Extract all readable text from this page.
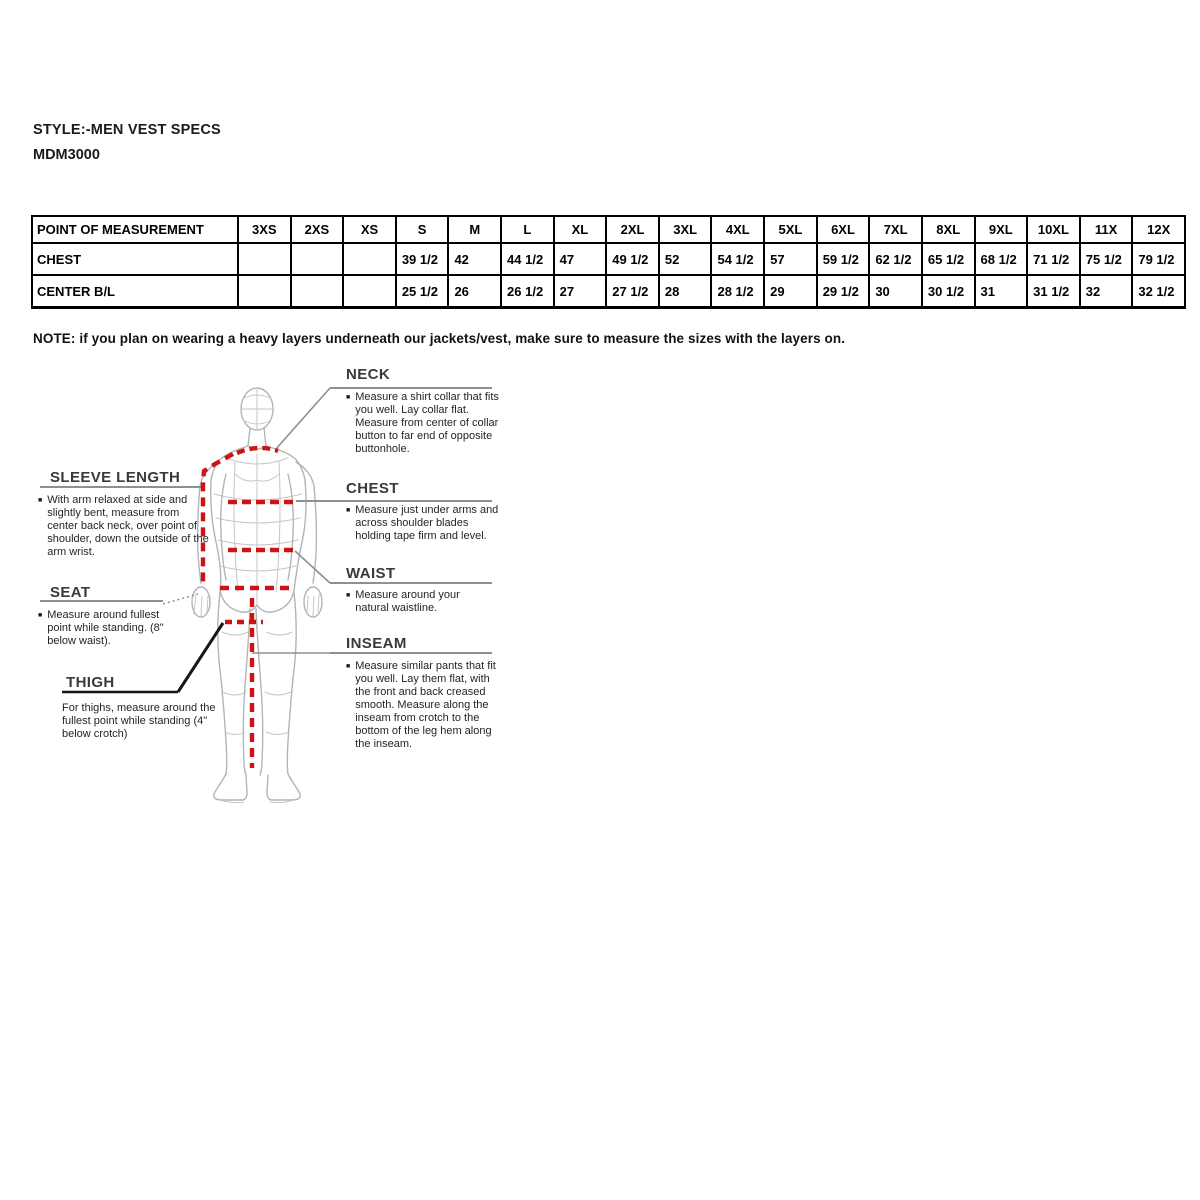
STYLE:-MEN VEST SPECS
MDM3000
POINT OF MEASUREMENT	3XS	2XS	XS	S	M	L	XL	2XL	3XL	4XL	5XL	6XL	7XL	8XL	9XL	10XL	11X	12X
CHEST				39 1/2	42	44 1/2	47	49 1/2	52	54 1/2	57	59 1/2	62 1/2	65 1/2	68 1/2	71 1/2	75 1/2	79 1/2
CENTER B/L				25 1/2	26	26 1/2	27	27 1/2	28	28 1/2	29	29 1/2	30	30 1/2	31	31 1/2	32	32 1/2
NOTE: if you plan on wearing a heavy layers underneath our jackets/vest, make sure to measure the sizes with the layers on.
NECK
■ Measure a shirt collar that fits you well. Lay collar flat. Measure from center of collar button to far end of opposite buttonhole.
CHEST
■ Measure just under arms and across shoulder blades holding tape firm and level.
WAIST
■ Measure around your natural waistline.
INSEAM
■ Measure similar pants that fit you well. Lay them flat, with the front and back creased smooth. Measure along the inseam from crotch to the bottom of the leg hem along the inseam.
SLEEVE LENGTH
■ With arm relaxed at side and slightly bent, measure from center back neck, over point of shoulder, down the outside of the arm wrist.
SEAT
■ Measure around fullest point while standing. (8" below waist).
THIGH
For thighs, measure around the fullest point while standing (4" below crotch)
